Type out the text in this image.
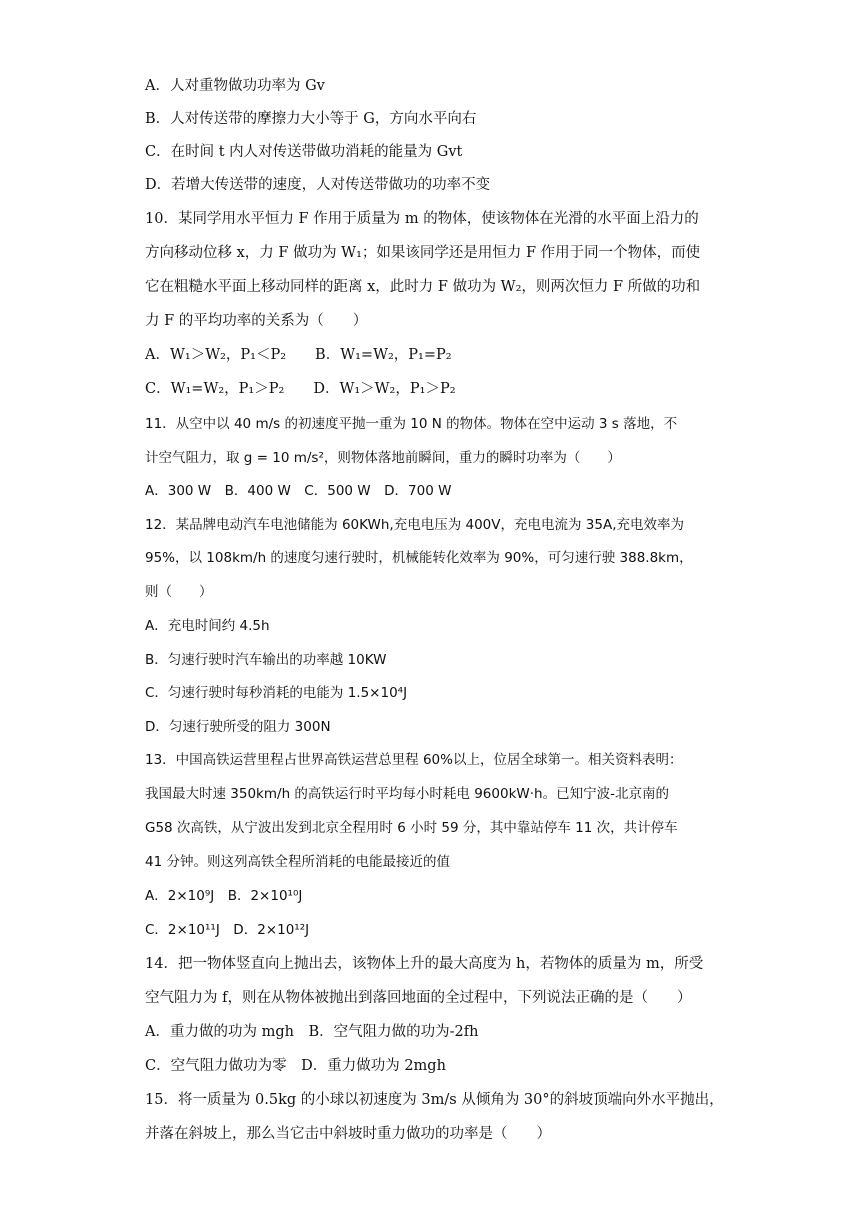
A．人对重物做功功率为 Gv
B．人对传送带的摩擦力大小等于 G，方向水平向右
C．在时间 t 内人对传送带做功消耗的能量为 Gvt
D．若增大传送带的速度，人对传送带做功的功率不变
10．某同学用水平恒力 F 作用于质量为 m 的物体，使该物体在光滑的水平面上沿力的
方向移动位移 x，力 F 做功为 W₁；如果该同学还是用恒力 F 作用于同一个物体，而使
它在粗糙水平面上移动同样的距离 x，此时力 F 做功为 W₂，则两次恒力 F 所做的功和
力 F 的平均功率的关系为（　　）
A．W₁＞W₂，P₁＜P₂　　B．W₁=W₂，P₁=P₂
C．W₁=W₂，P₁＞P₂　　D．W₁＞W₂，P₁＞P₂
11．从空中以 40 m/s 的初速度平抛一重为 10 N 的物体。物体在空中运动 3 s 落地，不
计空气阻力，取 g = 10 m/s²，则物体落地前瞬间，重力的瞬时功率为（　　）
A．300 W　B．400 W　C．500 W　D．700 W
12．某品牌电动汽车电池储能为 60KWh,充电电压为 400V，充电电流为 35A,充电效率为
95%，以 108km/h 的速度匀速行驶时，机械能转化效率为 90%，可匀速行驶 388.8km，
则（　　）
A．充电时间约 4.5h
B．匀速行驶时汽车输出的功率越 10KW
C．匀速行驶时每秒消耗的电能为 1.5×10⁴J
D．匀速行驶所受的阻力 300N
13．中国高铁运营里程占世界高铁运营总里程 60%以上，位居全球第一。相关资料表明：
我国最大时速 350km/h 的高铁运行时平均每小时耗电 9600kW·h。已知宁波-北京南的
G58 次高铁，从宁波出发到北京全程用时 6 小时 59 分，其中靠站停车 11 次，共计停车
41 分钟。则这列高铁全程所消耗的电能最接近的值
A．2×10⁹J　B．2×10¹⁰J
C．2×10¹¹J　D．2×10¹²J
14．把一物体竖直向上抛出去，该物体上升的最大高度为 h，若物体的质量为 m，所受
空气阻力为 f，则在从物体被抛出到落回地面的全过程中，下列说法正确的是（　　）
A．重力做的功为 mgh　B．空气阻力做的功为-2fh
C．空气阻力做功为零　D．重力做功为 2mgh
15．将一质量为 0.5kg 的小球以初速度为 3m/s 从倾角为 30°的斜坡顶端向外水平抛出，
并落在斜坡上，那么当它击中斜坡时重力做功的功率是（　　）
